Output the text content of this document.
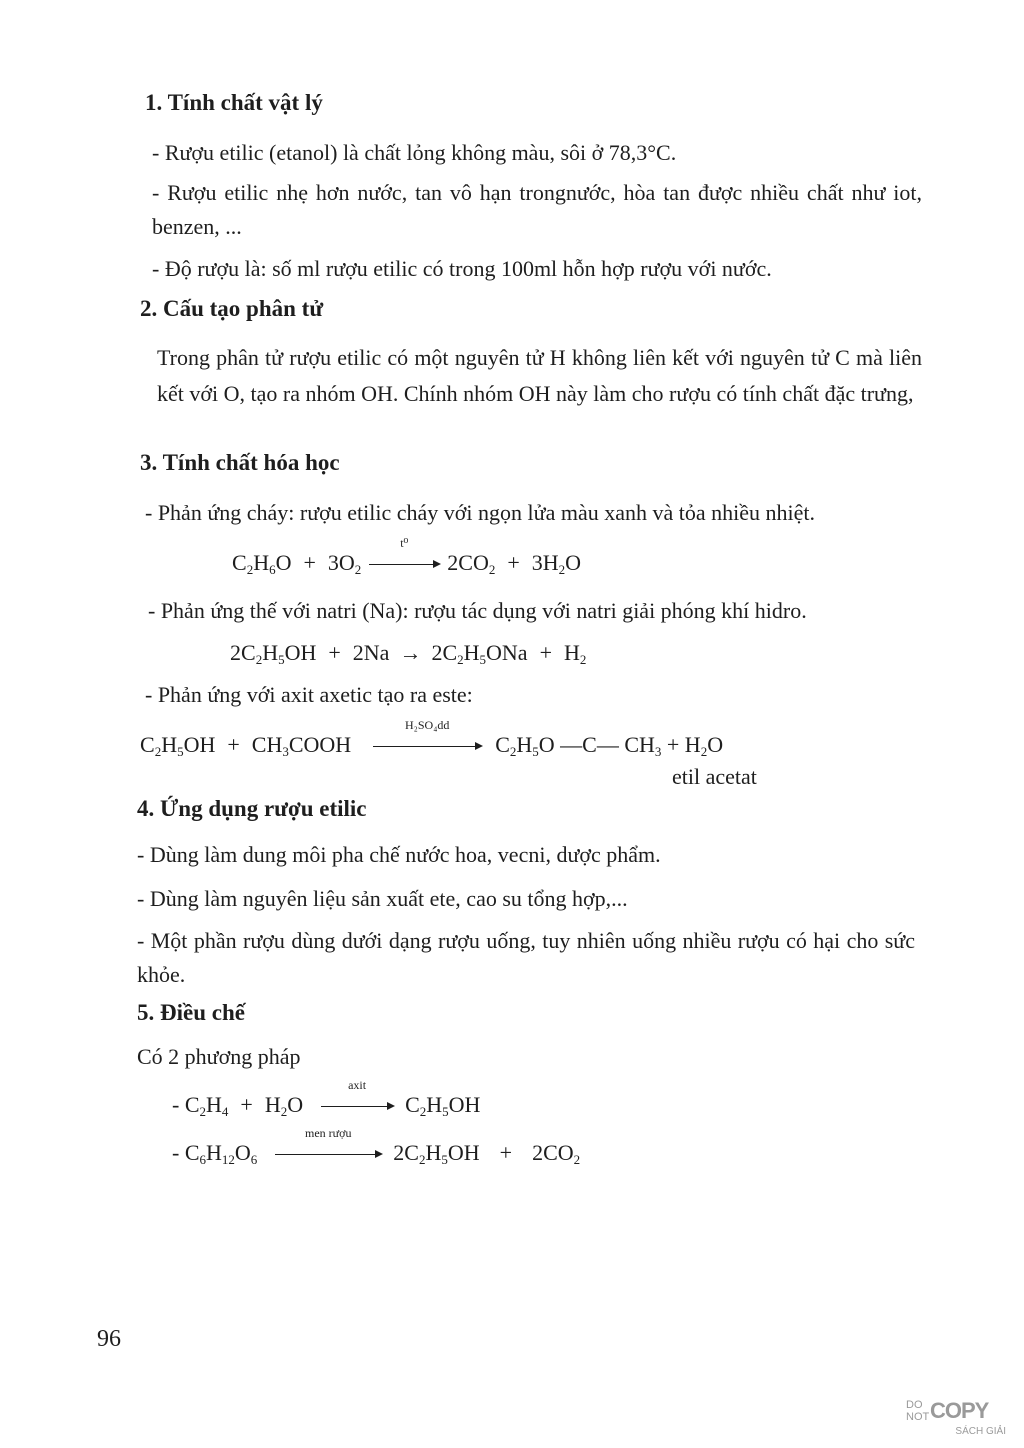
1. Tính chất vật lý

- Rượu etilic (etanol) là chất lỏng không màu, sôi ở 78,3°C.

- Rượu etilic nhẹ hơn nước, tan vô hạn trongnước, hòa tan được nhiều chất như iot, benzen, ...

- Độ rượu là: số ml rượu etilic có trong 100ml hỗn hợp rượu với nước.

2. Cấu tạo phân tử

Trong phân tử rượu etilic có một nguyên tử H không liên kết với nguyên tử C mà liên kết với O, tạo ra nhóm OH. Chính nhóm OH này làm cho rượu có tính chất đặc trưng,

3. Tính chất hóa học

- Phản ứng cháy: rượu etilic cháy với ngọn lửa màu xanh và tỏa nhiều nhiệt.

$C_2H_6O + 3O_2$
t⁰
$2CO_2 + 3H_2O$

- Phản ứng thế với natri (Na): rượu tác dụng với natri giải phóng khí hidro.

$2C_2H_5OH + 2Na \to 2C_2H_5ONa + H_2$

- Phản ứng với axit axetic tạo ra este:

$C_2H_5OH$ + $CH_3COOH$
H₂SO₄dd
$C_2H_5O$ —C— $CH_3 + H_2O$

etil acetat

4. Ứng dụng rượu etilic

- Dùng làm dung môi pha chế nước hoa, vecni, dược phẩm.

- Dùng làm nguyên liệu sản xuất ete, cao su tổng hợp,...

- Một phần rượu dùng dưới dạng rượu uống, tuy nhiên uống nhiều rượu có hại cho sức khỏe.

5. Điều chế

Có 2 phương pháp

- $C_2H_4 + H_2O$
axit
$C_2H_5OH$
- $C_6H_{12}O_6$
men rượu
$2C_2H_5OH + 2CO_2$
96
DO
NOT COPY
SÁCH GIẢI
